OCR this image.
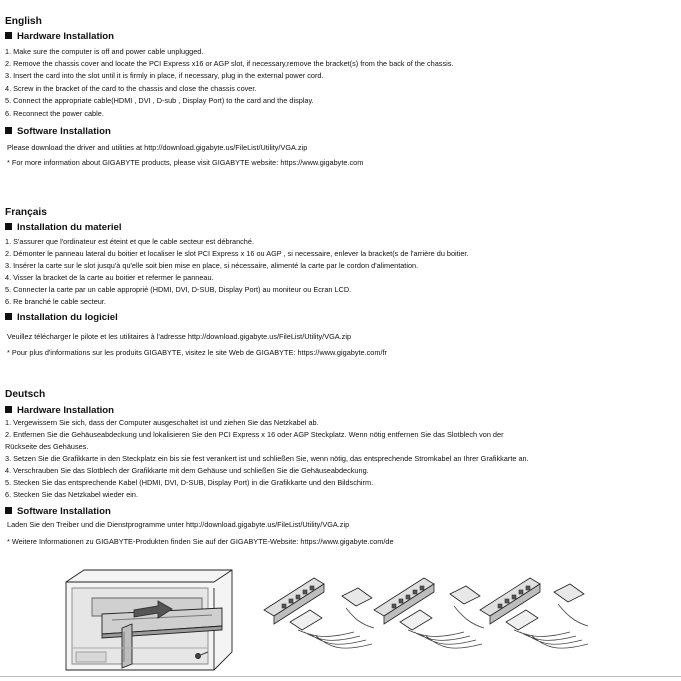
English
Hardware Installation
1. Make sure the computer is off and power cable unplugged.
2. Remove the chassis cover and locate the PCI Express x16 or AGP slot, if necessary,remove the bracket(s) from the back of the chassis.
3. Insert the card into the slot until it is firmly in place, if necessary, plug in the external power cord.
4. Screw in the bracket of the card to the chassis and close the chassis cover.
5. Connect the appropriate cable(HDMI , DVI , D-sub , Display Port) to the card and the display.
6. Reconnect the power cable.
Software Installation
Please download the driver and utilities at http://download.gigabyte.us/FileList/Utility/VGA.zip
* For more information about GIGABYTE products, please visit GIGABYTE website: https://www.gigabyte.com
Français
Installation du materiel
1. S'assurer que l'ordinateur est éteint et que le cable secteur est débranché.
2. Démonter le panneau lateral du boitier et localiser le slot PCI Express x 16 ou AGP , si necessaire, enlever la bracket(s de l'arrière du boitier.
3. Insérer la carte sur le slot jusqu'à qu'elle soit bien mise en place, si nécessaire, alimenté la carte par le cordon d'alimentation.
4. Visser la bracket de la carte au boitier et refermer le panneau.
5. Connecter la carte par un cable approprié (HDMI, DVI, D-SUB, Display Port) au moniteur ou Ecran LCD.
6. Re branché le cable secteur.
Installation du logiciel
Veuillez télécharger le pilote et les utilitaires à l'adresse http://download.gigabyte.us/FileList/Utility/VGA.zip
* Pour plus d'informations sur les produits GIGABYTE, visitez le site Web de GIGABYTE: https://www.gigabyte.com/fr
Deutsch
Hardware Installation
1. Vergewissern Sie sich, dass der Computer ausgeschaltet ist und ziehen Sie das Netzkabel ab.
2. Entfernen Sie die Gehäuseabdeckung und lokalisieren Sie den PCI Express x 16 oder AGP Steckplatz. Wenn nötig entfernen Sie das Slotblech von der
Rückseite des Gehäuses.
3. Setzen Sie die Grafikkarte in den Steckplatz ein bis sie fest verankert ist und schließen Sie, wenn nötig, das entsprechende Stromkabel an Ihrer Grafikkarte an.
4. Verschrauben Sie das Slotblech der Grafikkarte mit dem Gehäuse und schließen Sie die Gehäuseabdeckung.
5. Stecken Sie das entsprechende Kabel (HDMI, DVI, D-SUB, Display Port) in die Grafikkarte und den Bildschirm.
6. Stecken Sie das Netzkabel wieder ein.
Software Installation
Laden Sie den Treiber und die Dienstprogramme unter http://download.gigabyte.us/FileList/Utility/VGA.zip
* Weitere Informationen zu GIGABYTE-Produkten finden Sie auf der GIGABYTE-Website: https://www.gigabyte.com/de
